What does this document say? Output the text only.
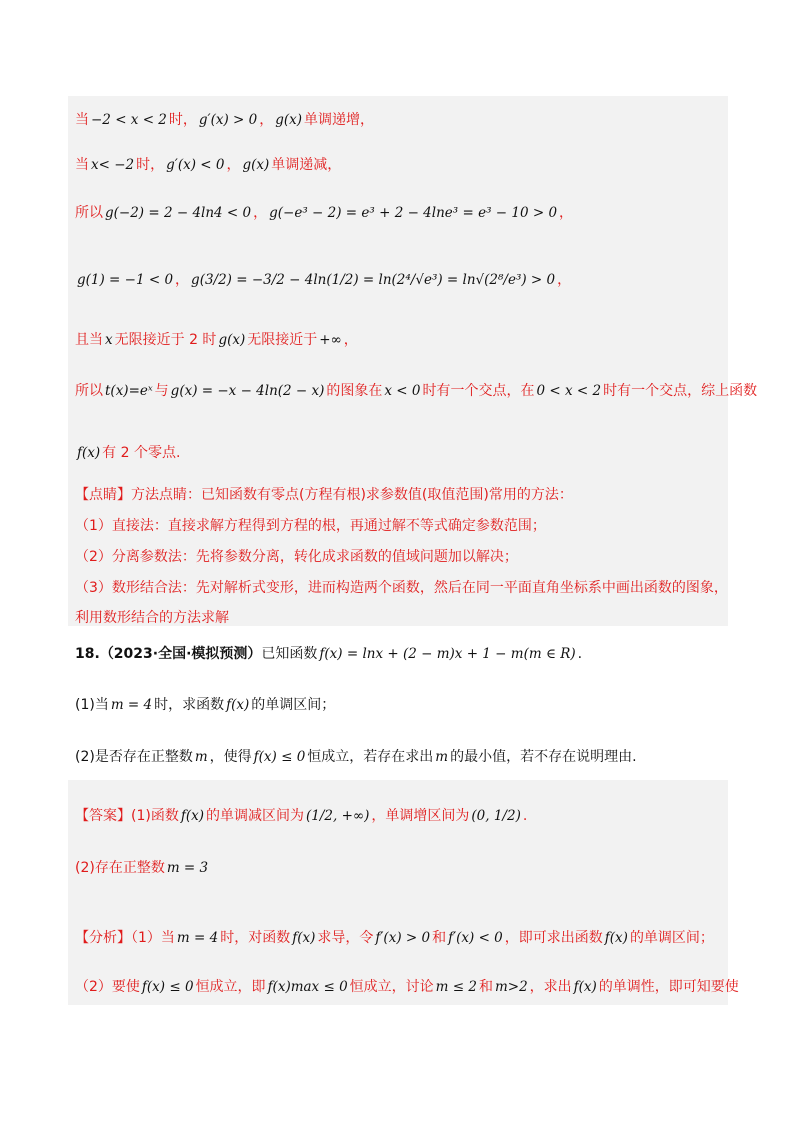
当 −2 < x < 2 时， g′(x) > 0 ， g(x) 单调递增，
当 x< −2 时， g′(x) < 0 ， g(x) 单调递减，
所以 g(−2) = 2 − 4ln4 < 0 ， g(−e³ − 2) = e³ + 2 − 4lne³ = e³ − 10 > 0 ，
g(1) = −1 < 0 ， g(3/2) = −3/2 − 4ln(1/2) = ln(2⁴/√e³) = ln√(2⁸/e³) > 0 ，
且当 x 无限接近于 2 时 g(x) 无限接近于 +∞ ，
所以 t(x)=eˣ 与 g(x) = −x − 4ln(2 − x) 的图象在 x < 0 时有一个交点，在 0 < x < 2 时有一个交点，综上函数
f(x) 有 2 个零点.
【点睛】方法点睛：已知函数有零点(方程有根)求参数值(取值范围)常用的方法：
（1）直接法：直接求解方程得到方程的根，再通过解不等式确定参数范围；
（2）分离参数法：先将参数分离，转化成求函数的值域问题加以解决；
（3）数形结合法：先对解析式变形，进而构造两个函数，然后在同一平面直角坐标系中画出函数的图象，
利用数形结合的方法求解
18.（2023·全国·模拟预测）已知函数 f(x) = lnx + (2 − m)x + 1 − m(m ∈ R) .
(1)当 m = 4 时，求函数 f(x) 的单调区间；
(2)是否存在正整数 m ，使得 f(x) ≤ 0 恒成立，若存在求出 m 的最小值，若不存在说明理由.
【答案】(1)函数 f(x) 的单调减区间为 (1/2, +∞) ，单调增区间为 (0, 1/2) .
(2)存在正整数 m = 3
【分析】（1）当 m = 4 时，对函数 f(x) 求导，令 f′(x) > 0 和 f′(x) < 0 ，即可求出函数 f(x) 的单调区间；
（2）要使 f(x) ≤ 0 恒成立，即 f(x)max ≤ 0 恒成立，讨论 m ≤ 2 和 m>2 ，求出 f(x) 的单调性，即可知要使
